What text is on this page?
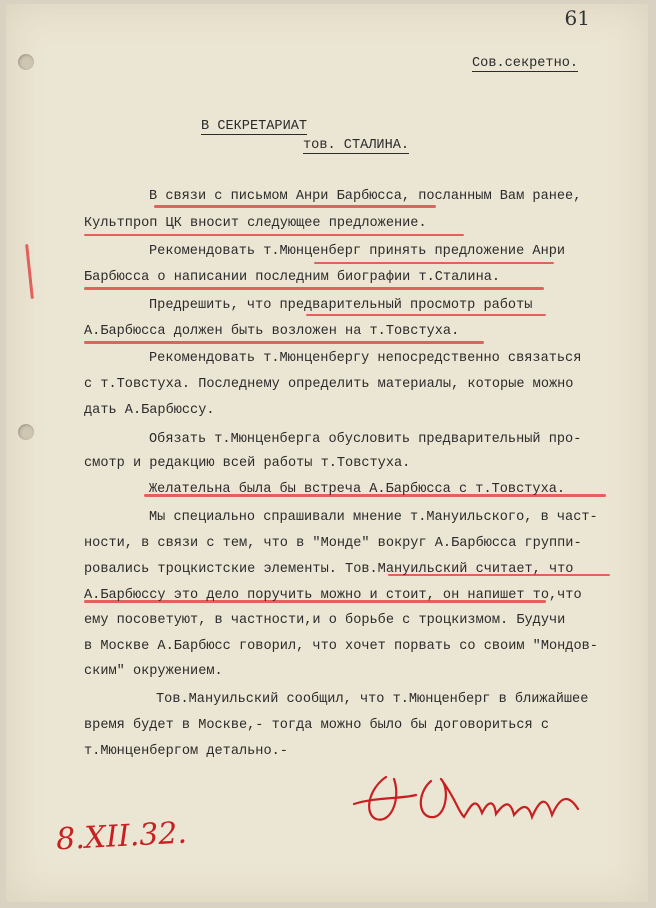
61
Сов.секретно.
В СЕКРЕТАРИАТ
тов. СТАЛИНА.
В связи с письмом Анри Барбюсса, посланным Вам ранее,
Культпроп ЦК вносит следующее предложение.
Рекомендовать т.Мюнценберг принять предложение Анри
Барбюсса о написании последним биографии т.Сталина.
Предрешить, что предварительный просмотр работы
А.Барбюсса должен быть возложен на т.Товстуха.
Рекомендовать т.Мюнценбергу непосредственно связаться
с т.Товстуха. Последнему определить материалы, которые можно
дать А.Барбюссу.
Обязать т.Мюнценберга обусловить предварительный про-
смотр и редакцию всей работы т.Товстуха.
Желательна была бы встреча А.Барбюсса с т.Товстуха.
Мы специально спрашивали мнение т.Мануильского, в част-
ности, в связи с тем, что в "Монде" вокруг А.Барбюсса группи-
ровались троцкистские элементы. Тов.Мануильский считает, что
А.Барбюссу это дело поручить можно и стоит, он напишет то,что
ему посоветуют, в частности,и о борьбе с троцкизмом. Будучи
в Москве А.Барбюсс говорил, что хочет порвать со своим "Мондов-
ским" окружением.
Тов.Мануильский сообщил, что т.Мюнценберг в ближайшее
время будет в Москве,- тогда можно было бы договориться с
т.Мюнценбергом детально.-
8.XII.32.
